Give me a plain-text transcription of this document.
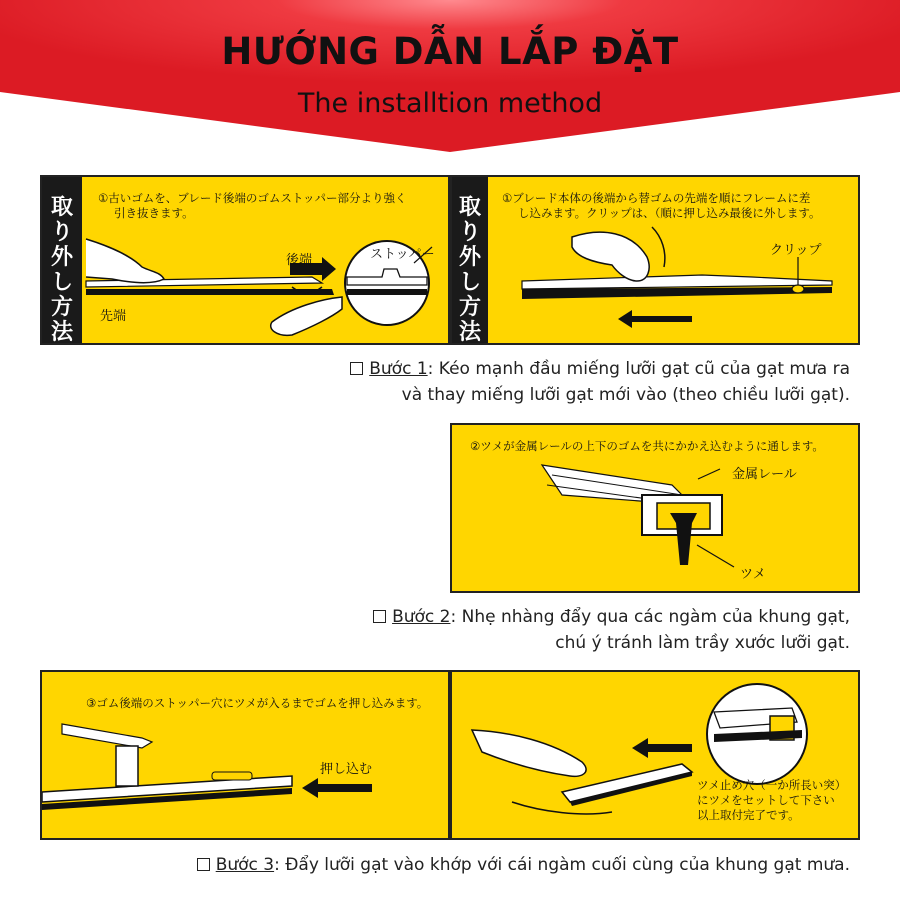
HƯỚNG DẪN LẮP ĐẶT
The installtion method
取
り
外
し
方
法
①古いゴムを、ブレード後端のゴムストッパー部分より強く
引き抜きます。
後端	ストッパー
先端
取
り
外
し
方
法
①ブレード本体の後端から替ゴムの先端を順にフレームに差
し込みます。クリップは、（順に押し込み最後に外します。
クリップ
Bước 1: Kéo mạnh đầu miếng lưỡi gạt cũ của gạt mưa ra
và thay miếng lưỡi gạt mới vào (theo chiều lưỡi gạt).
②ツメが金属レールの上下のゴムを共にかかえ込むように通します。
金属レール
ツメ
Bước 2: Nhẹ nhàng đẩy qua các ngàm của khung gạt,
chú ý tránh làm trầy xước lưỡi gạt.
③ゴム後端のストッパー穴にツメが入るまでゴムを押し込みます。
押し込む
ツメ止め穴（一か所長い突）
にツメをセットして下さい
以上取付完了です。
Bước 3: Đẩy lưỡi gạt vào khớp với cái ngàm cuối cùng của khung gạt mưa.
